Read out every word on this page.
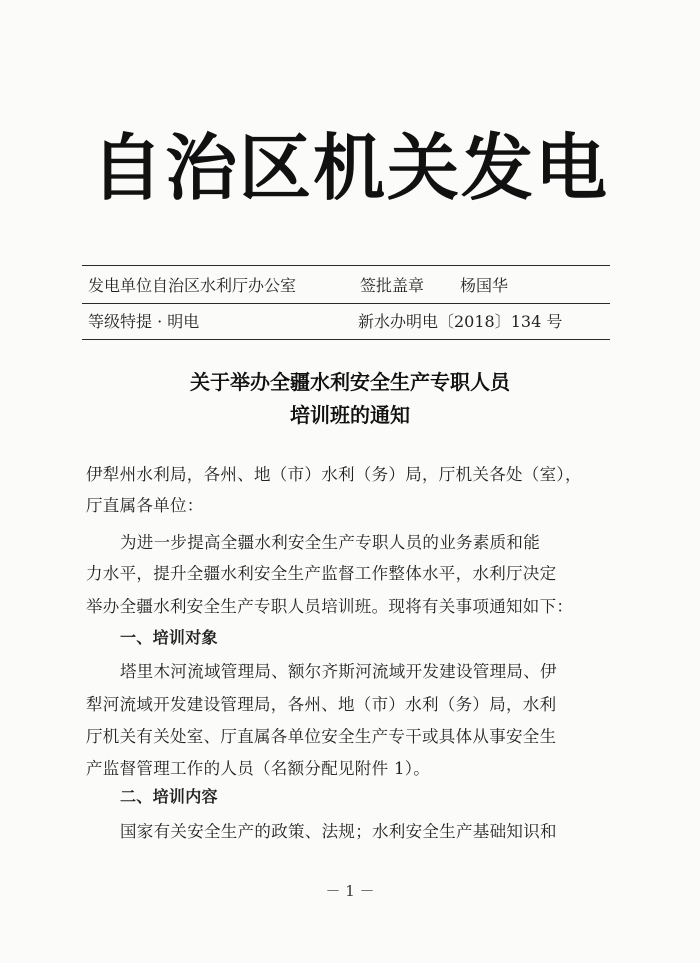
自治区机关发电
发电单位自治区水利厅办公室	签批盖章 杨国华
等级特提 · 明电	新水办明电〔2018〕134 号
关于举办全疆水利安全生产专职人员
培训班的通知
伊犁州水利局，各州、地（市）水利（务）局，厅机关各处（室），
厅直属各单位：
为进一步提高全疆水利安全生产专职人员的业务素质和能
力水平，提升全疆水利安全生产监督工作整体水平，水利厅决定
举办全疆水利安全生产专职人员培训班。现将有关事项通知如下：
一、培训对象
塔里木河流域管理局、额尔齐斯河流域开发建设管理局、伊
犁河流域开发建设管理局，各州、地（市）水利（务）局，水利
厅机关有关处室、厅直属各单位安全生产专干或具体从事安全生
产监督管理工作的人员（名额分配见附件 1）。
二、培训内容
国家有关安全生产的政策、法规；水利安全生产基础知识和
－ 1 －
